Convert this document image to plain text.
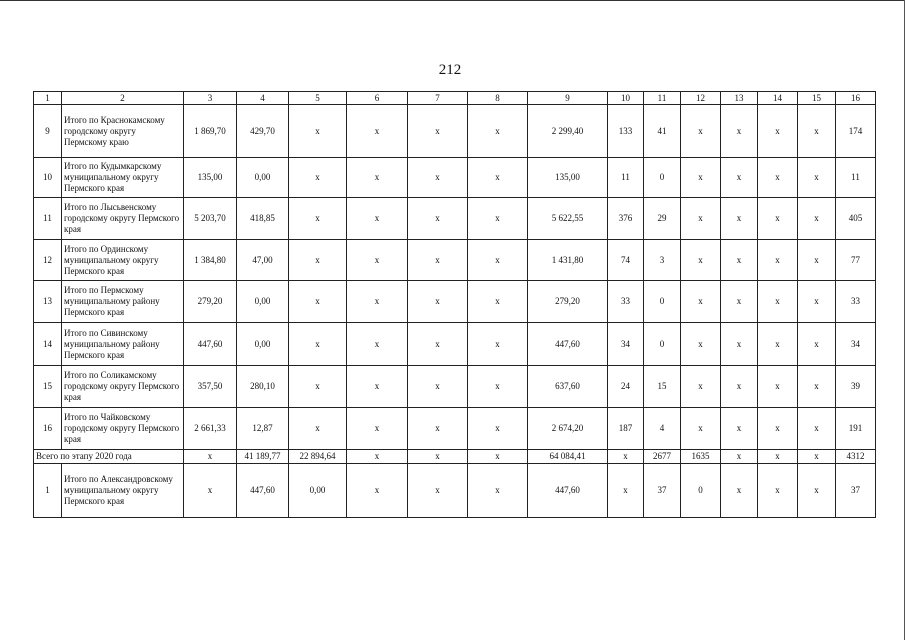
212
1	2	3	4	5	6	7	8	9	10	11	12	13	14	15	16
9	Итого по Краснокамскому городскому округу Пермскому краю	1 869,70	429,70	x	x	x	x	2 299,40	133	41	x	x	x	x	174
10	Итого по Кудымкарскому муниципальному округу Пермского края	135,00	0,00	x	x	x	x	135,00	11	0	x	x	x	x	11
11	Итого по Лысьвенскому городскому округу Пермского края	5 203,70	418,85	x	x	x	x	5 622,55	376	29	x	x	x	x	405
12	Итого по Ординскому муниципальному округу Пермского края	1 384,80	47,00	x	x	x	x	1 431,80	74	3	x	x	x	x	77
13	Итого по Пермскому муниципальному району Пермского края	279,20	0,00	x	x	x	x	279,20	33	0	x	x	x	x	33
14	Итого по Сивинскому муниципальному району Пермского края	447,60	0,00	x	x	x	x	447,60	34	0	x	x	x	x	34
15	Итого по Соликамскому городскому округу Пермского края	357,50	280,10	x	x	x	x	637,60	24	15	x	x	x	x	39
16	Итого по Чайковскому городскому округу Пермского края	2 661,33	12,87	x	x	x	x	2 674,20	187	4	x	x	x	x	191
Всего по этапу 2020 года		x	41 189,77	22 894,64	x	x	x	64 084,41	x	2677	1635	x	x	x	4312
1	Итого по Александровскому муниципальному округу Пермского края	x	447,60	0,00	x	x	x	447,60	x	37	0	x	x	x	37
